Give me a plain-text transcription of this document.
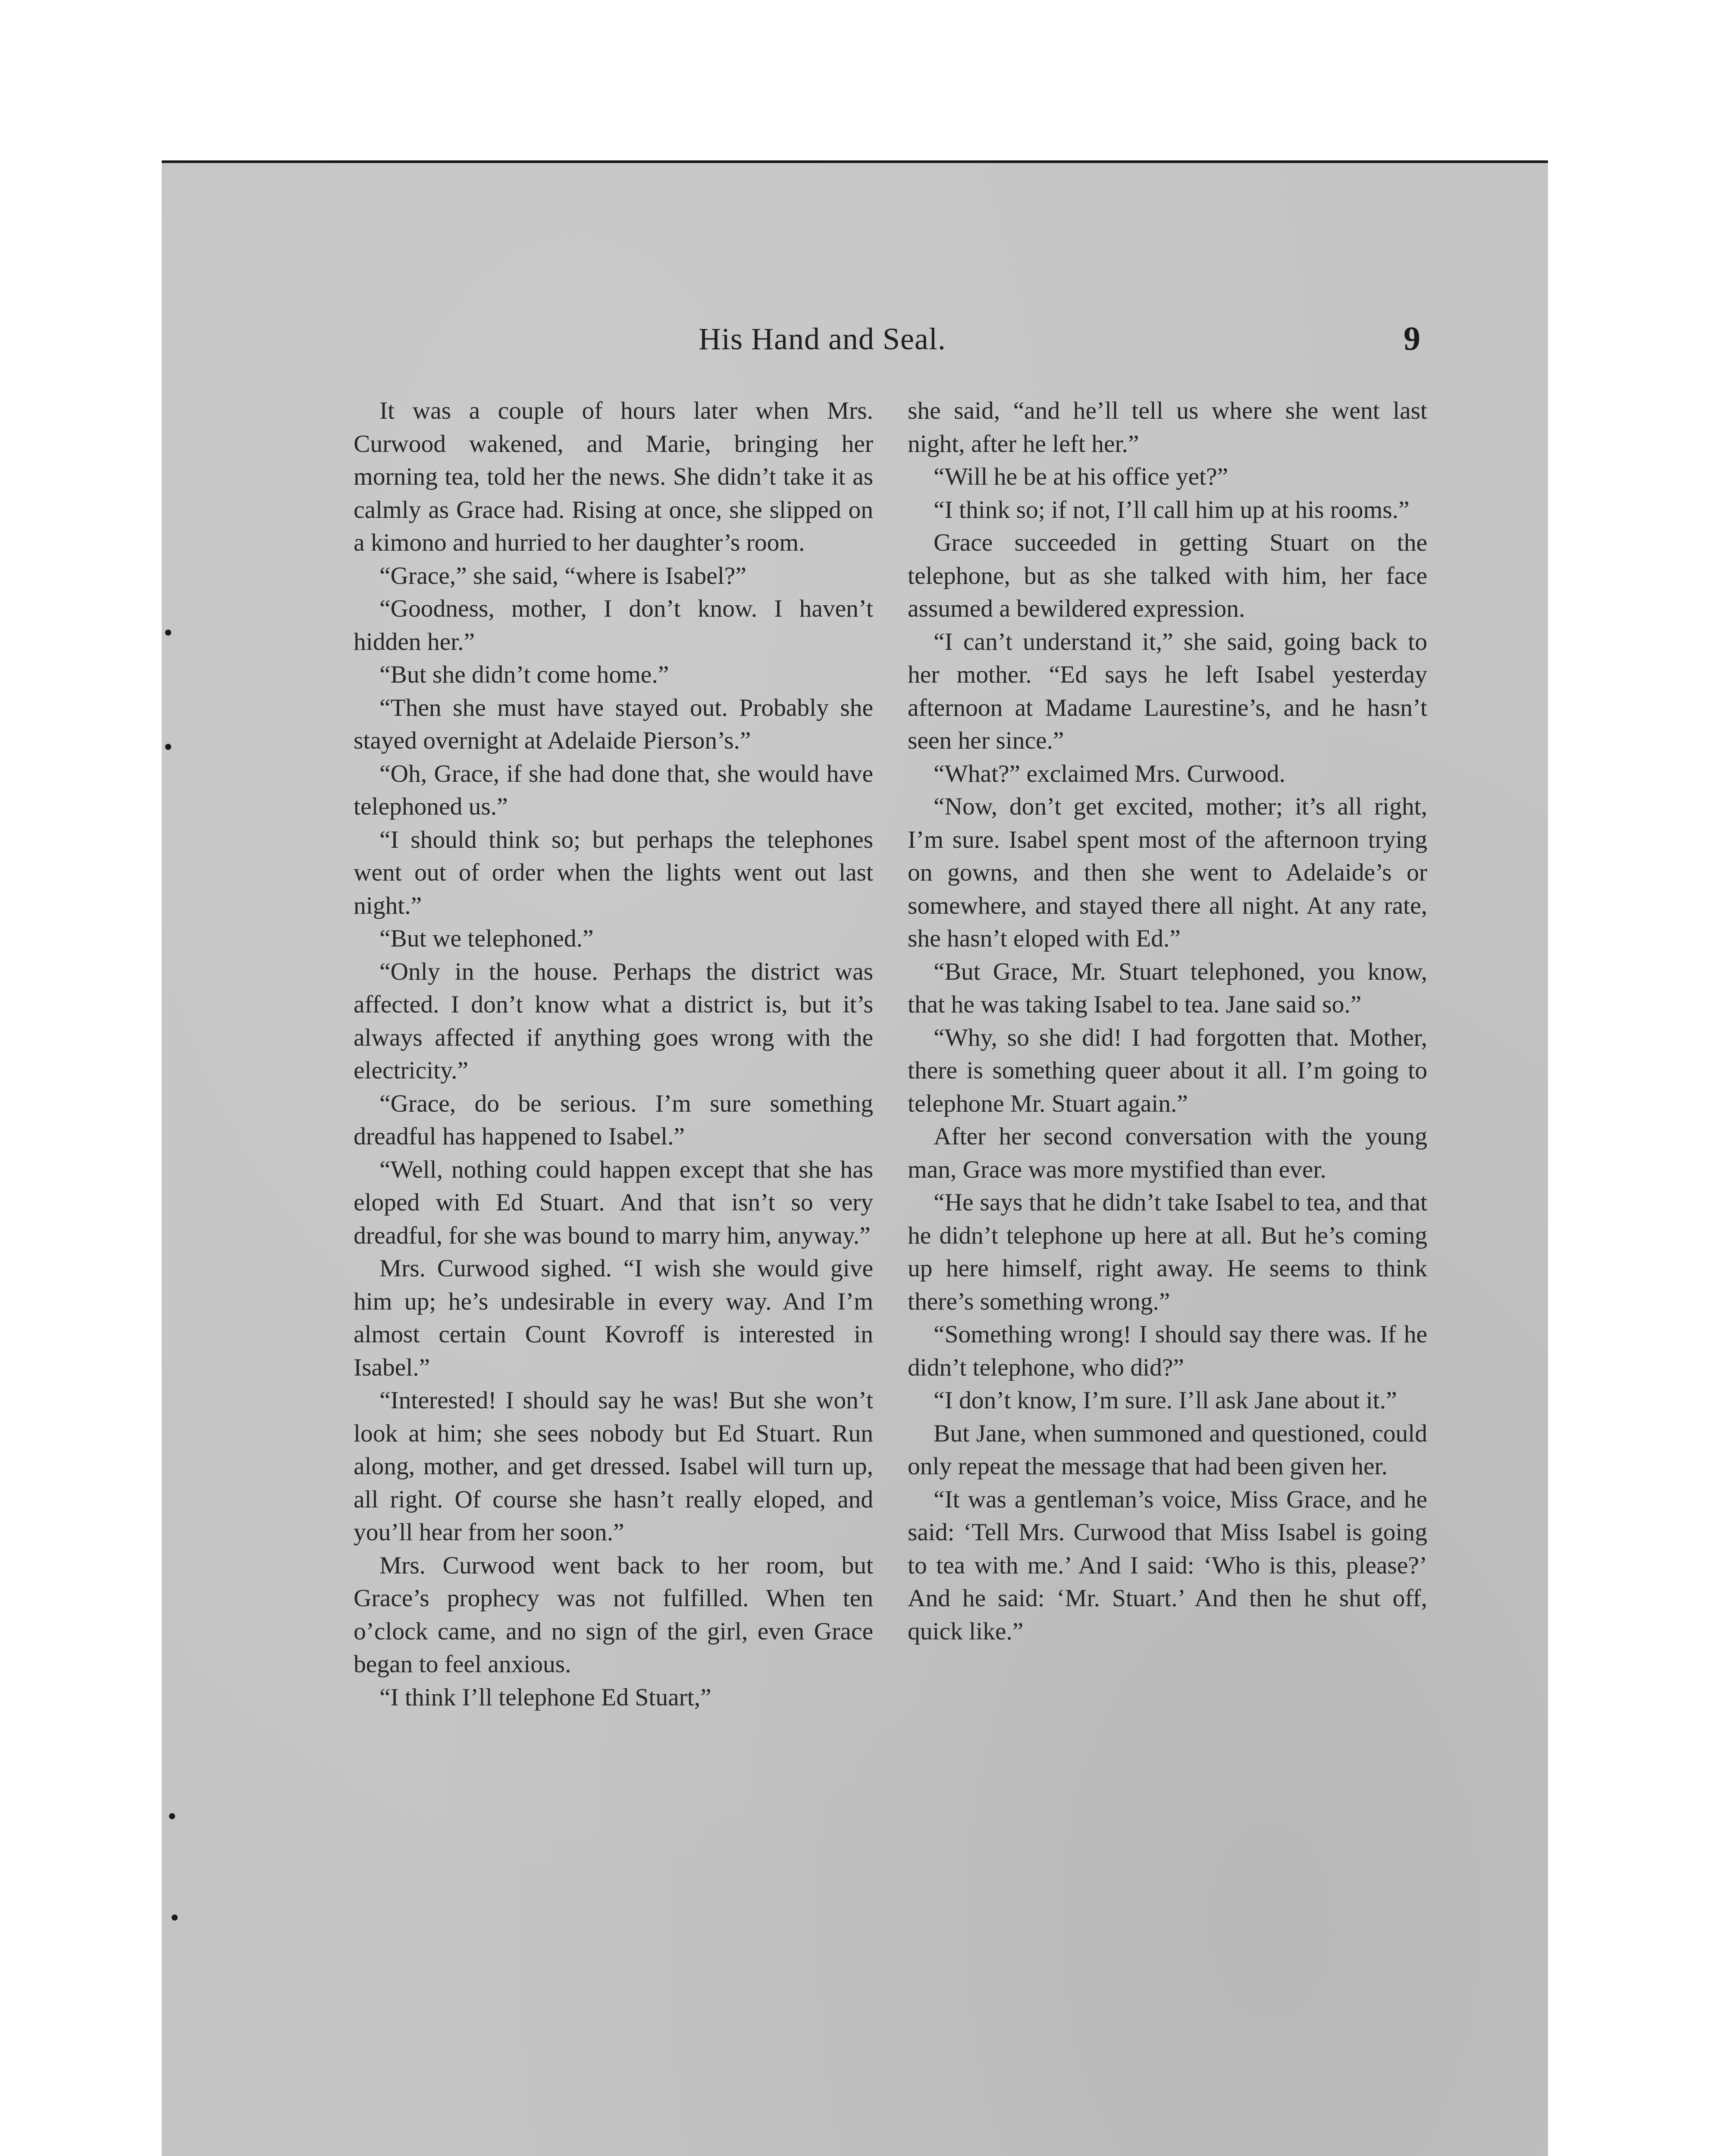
His Hand and Seal.	9

It was a couple of hours later when Mrs. Curwood wakened, and Marie, bringing her morning tea, told her the news. She didn’t take it as calmly as Grace had. Rising at once, she slipped on a kimono and hurried to her daughter’s room.

“Grace,” she said, “where is Isabel?”

“Goodness, mother, I don’t know. I haven’t hidden her.”

“But she didn’t come home.”

“Then she must have stayed out. Probably she stayed overnight at Adelaide Pierson’s.”

“Oh, Grace, if she had done that, she would have telephoned us.”

“I should think so; but perhaps the telephones went out of order when the lights went out last night.”

“But we telephoned.”

“Only in the house. Perhaps the district was affected. I don’t know what a district is, but it’s always affected if anything goes wrong with the electricity.”

“Grace, do be serious. I’m sure something dreadful has happened to Isabel.”

“Well, nothing could happen except that she has eloped with Ed Stuart. And that isn’t so very dreadful, for she was bound to marry him, anyway.”

Mrs. Curwood sighed. “I wish she would give him up; he’s undesirable in every way. And I’m almost certain Count Kovroff is interested in Isabel.”

“Interested! I should say he was! But she won’t look at him; she sees nobody but Ed Stuart. Run along, mother, and get dressed. Isabel will turn up, all right. Of course she hasn’t really eloped, and you’ll hear from her soon.”

Mrs. Curwood went back to her room, but Grace’s prophecy was not fulfilled. When ten o’clock came, and no sign of the girl, even Grace began to feel anxious.

“I think I’ll telephone Ed Stuart,”

she said, “and he’ll tell us where she went last night, after he left her.”

“Will he be at his office yet?”

“I think so; if not, I’ll call him up at his rooms.”

Grace succeeded in getting Stuart on the telephone, but as she talked with him, her face assumed a bewildered expression.

“I can’t understand it,” she said, going back to her mother. “Ed says he left Isabel yesterday afternoon at Madame Laurestine’s, and he hasn’t seen her since.”

“What?” exclaimed Mrs. Curwood.

“Now, don’t get excited, mother; it’s all right, I’m sure. Isabel spent most of the afternoon trying on gowns, and then she went to Adelaide’s or somewhere, and stayed there all night. At any rate, she hasn’t eloped with Ed.”

“But Grace, Mr. Stuart telephoned, you know, that he was taking Isabel to tea. Jane said so.”

“Why, so she did! I had forgotten that. Mother, there is something queer about it all. I’m going to telephone Mr. Stuart again.”

After her second conversation with the young man, Grace was more mystified than ever.

“He says that he didn’t take Isabel to tea, and that he didn’t telephone up here at all. But he’s coming up here himself, right away. He seems to think there’s something wrong.”

“Something wrong! I should say there was. If he didn’t telephone, who did?”

“I don’t know, I’m sure. I’ll ask Jane about it.”

But Jane, when summoned and questioned, could only repeat the message that had been given her.

“It was a gentleman’s voice, Miss Grace, and he said: ‘Tell Mrs. Curwood that Miss Isabel is going to tea with me.’ And I said: ‘Who is this, please?’ And he said: ‘Mr. Stuart.’ And then he shut off, quick like.”
